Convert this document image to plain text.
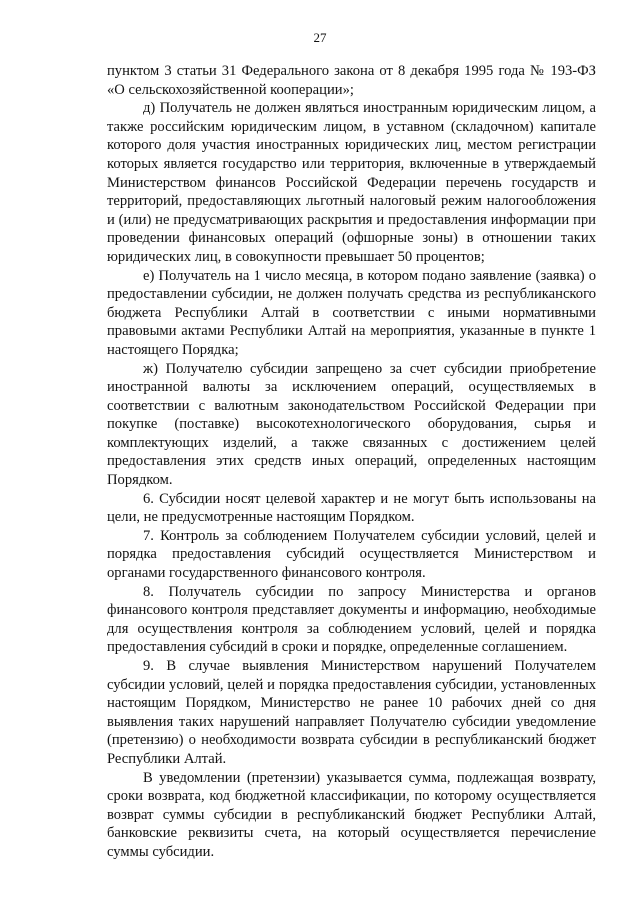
27

пунктом 3 статьи 31 Федерального закона от 8 декабря 1995 года № 193-ФЗ «О сельскохозяйственной кооперации»;

д) Получатель не должен являться иностранным юридическим лицом, а также российским юридическим лицом, в уставном (складочном) капитале которого доля участия иностранных юридических лиц, местом регистрации которых является государство или территория, включенные в утверждаемый Министерством финансов Российской Федерации перечень государств и территорий, предоставляющих льготный налоговый режим налогообложения и (или) не предусматривающих раскрытия и предоставления информации при проведении финансовых операций (офшорные зоны) в отношении таких юридических лиц, в совокупности превышает 50 процентов;

е) Получатель на 1 число месяца, в котором подано заявление (заявка) о предоставлении субсидии, не должен получать средства из республиканского бюджета Республики Алтай в соответствии с иными нормативными правовыми актами Республики Алтай на мероприятия, указанные в пункте 1 настоящего Порядка;

ж) Получателю субсидии запрещено за счет субсидии приобретение иностранной валюты за исключением операций, осуществляемых в соответствии с валютным законодательством Российской Федерации при покупке (поставке) высокотехнологического оборудования, сырья и комплектующих изделий, а также связанных с достижением целей предоставления этих средств иных операций, определенных настоящим Порядком.

6. Субсидии носят целевой характер и не могут быть использованы на цели, не предусмотренные настоящим Порядком.

7. Контроль за соблюдением Получателем субсидии условий, целей и порядка предоставления субсидий осуществляется Министерством и органами государственного финансового контроля.

8. Получатель субсидии по запросу Министерства и органов финансового контроля представляет документы и информацию, необходимые для осуществления контроля за соблюдением условий, целей и порядка предоставления субсидий в сроки и порядке, определенные соглашением.

9. В случае выявления Министерством нарушений Получателем субсидии условий, целей и порядка предоставления субсидии, установленных настоящим Порядком, Министерство не ранее 10 рабочих дней со дня выявления таких нарушений направляет Получателю субсидии уведомление (претензию) о необходимости возврата субсидии в республиканский бюджет Республики Алтай.

В уведомлении (претензии) указывается сумма, подлежащая возврату, сроки возврата, код бюджетной классификации, по которому осуществляется возврат суммы субсидии в республиканский бюджет Республики Алтай, банковские реквизиты счета, на который осуществляется перечисление суммы субсидии.
